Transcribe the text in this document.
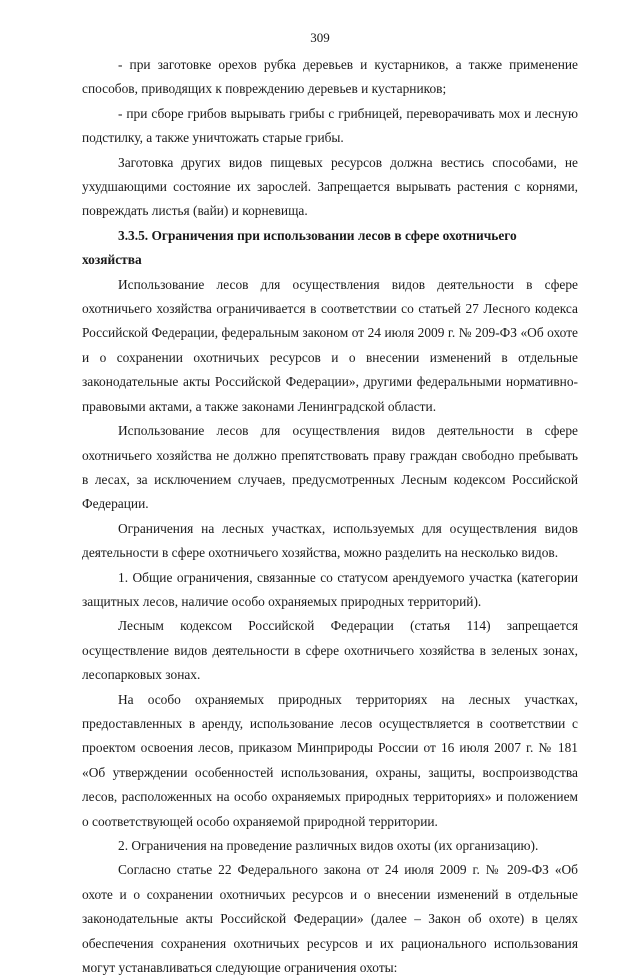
309

- при заготовке орехов рубка деревьев и кустарников, а также применение способов, приводящих к повреждению деревьев и кустарников;

- при сборе грибов вырывать грибы с грибницей, переворачивать мох и лесную подстилку, а также уничтожать старые грибы.

Заготовка других видов пищевых ресурсов должна вестись способами, не ухудшающими состояние их зарослей. Запрещается вырывать растения с корнями, повреждать листья (вайи) и корневища.

3.3.5. Ограничения при использовании лесов в сфере охотничьего хозяйства

Использование лесов для осуществления видов деятельности в сфере охотничьего хозяйства ограничивается в соответствии со статьей 27 Лесного кодекса Российской Федерации, федеральным законом от 24 июля 2009 г. № 209-ФЗ «Об охоте и о сохранении охотничьих ресурсов и о внесении изменений в отдельные законодательные акты Российской Федерации», другими федеральными нормативно-правовыми актами, а также законами Ленинградской области.

Использование лесов для осуществления видов деятельности в сфере охотничьего хозяйства не должно препятствовать праву граждан свободно пребывать в лесах, за исключением случаев, предусмотренных Лесным кодексом Российской Федерации.

Ограничения на лесных участках, используемых для осуществления видов деятельности в сфере охотничьего хозяйства, можно разделить на несколько видов.

1. Общие ограничения, связанные со статусом арендуемого участка (категории защитных лесов, наличие особо охраняемых природных территорий).

Лесным кодексом Российской Федерации (статья 114) запрещается осуществление видов деятельности в сфере охотничьего хозяйства в зеленых зонах, лесопарковых зонах.

На особо охраняемых природных территориях на лесных участках, предоставленных в аренду, использование лесов осуществляется в соответствии с проектом освоения лесов, приказом Минприроды России от 16 июля 2007 г. № 181 «Об утверждении особенностей использования, охраны, защиты, воспроизводства лесов, расположенных на особо охраняемых природных территориях» и положением о соответствующей особо охраняемой природной территории.

2. Ограничения на проведение различных видов охоты (их организацию).

Согласно статье 22 Федерального закона от 24 июля 2009 г. № 209-ФЗ «Об охоте и о сохранении охотничьих ресурсов и о внесении изменений в отдельные законодательные акты Российской Федерации» (далее – Закон об охоте) в целях обеспечения сохранения охотничьих ресурсов и их рационального использования могут устанавливаться следующие ограничения охоты:
